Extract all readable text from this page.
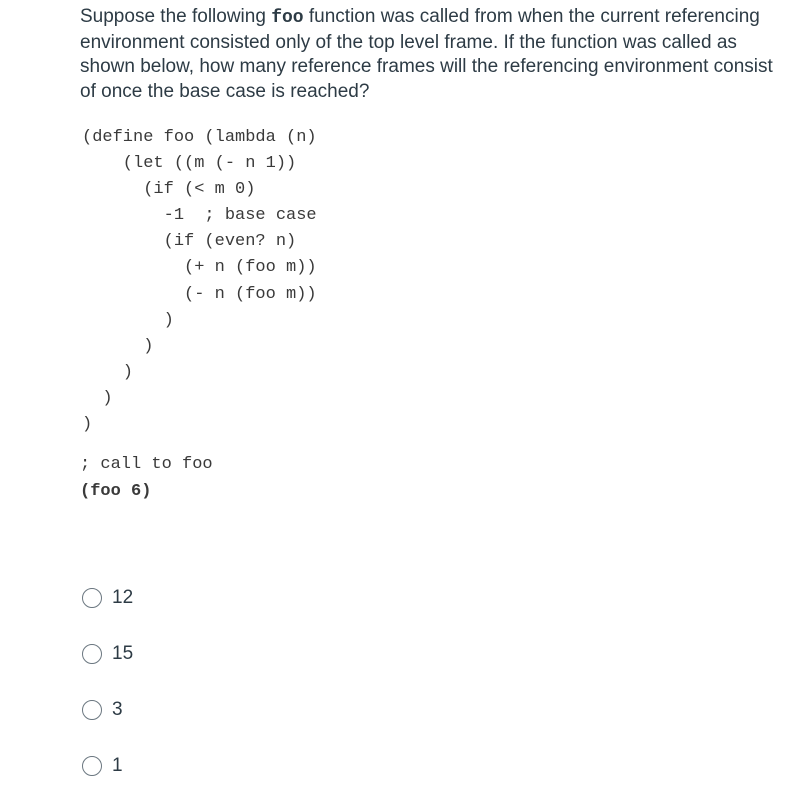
Suppose the following foo function was called from when the current referencing environment consisted only of the top level frame. If the function was called as shown below, how many reference frames will the referencing environment consist of once the base case is reached?
(define foo (lambda (n)
(let ((m (- n 1))
(if (< m 0)
-1  ; base case
(if (even? n)
(+ n (foo m))
(- n (foo m))
)
)
)
)
)
; call to foo
(foo 6)
12
15
3
1
